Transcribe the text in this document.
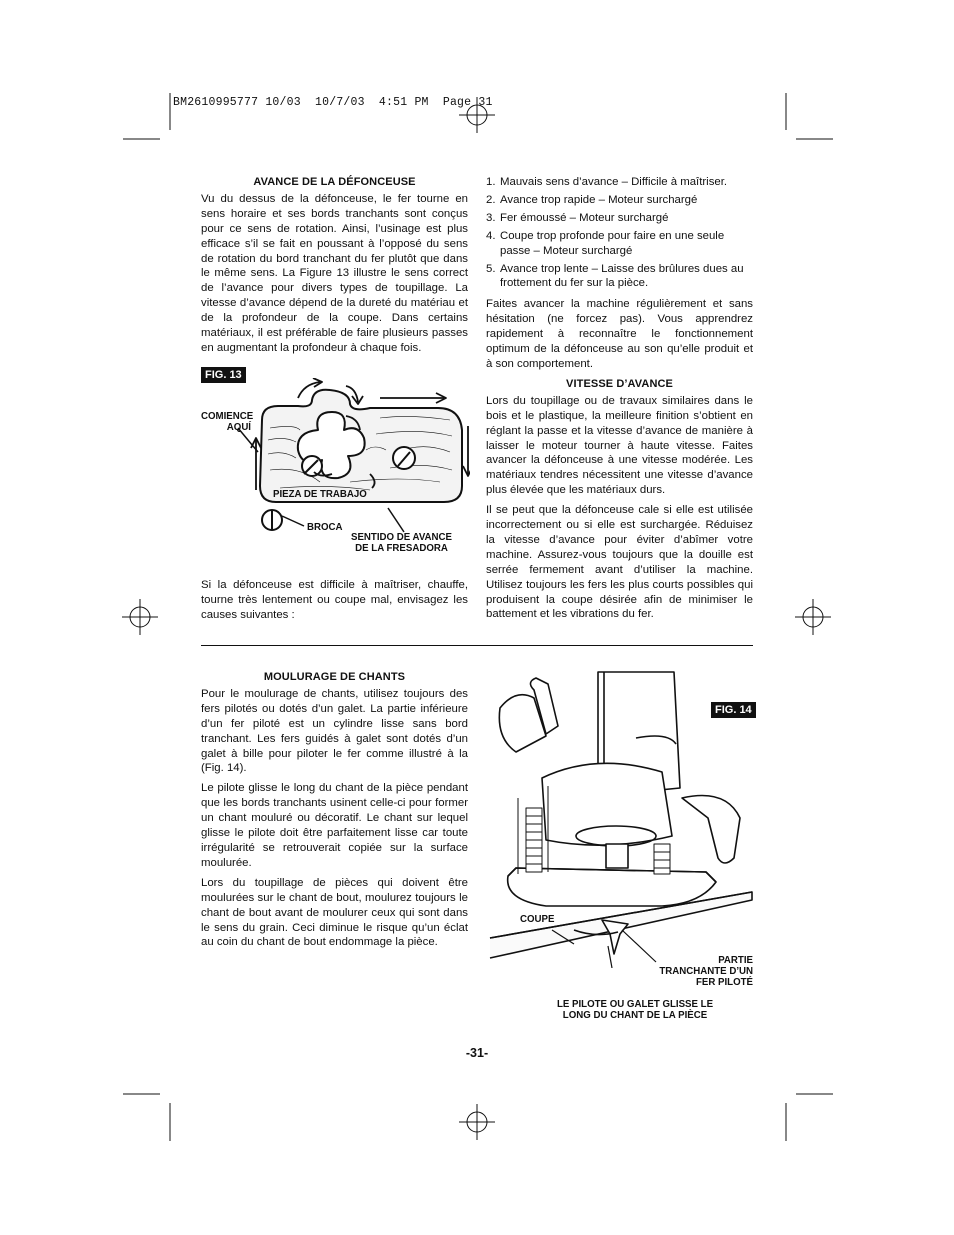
BM2610995777 10/03  10/7/03  4:51 PM  Page 31
AVANCE DE LA DÉFONCEUSE

Vu du dessus de la défonceuse, le fer tourne en sens horaire et ses bords tranchants sont conçus pour ce sens de rotation. Ainsi, l’usinage est plus efficace s’il se fait en poussant à l’opposé du sens de rotation du bord tranchant du fer plutôt que dans le même sens. La Figure 13 illustre le sens correct de l’avance pour divers types de toupillage. La vitesse d’avance dépend de la dureté du matériau et de la profondeur de la coupe. Dans certains matériaux, il est préférable de faire plusieurs passes en augmentant la profondeur à chaque fois.

FIG. 13
COMIENCE
AQUÍ
PIEZA DE TRABAJO
BROCA
SENTIDO DE AVANCE
DE LA FRESADORA

Si la défonceuse est difficile à maîtriser, chauffe, tourne très lentement ou coupe mal, envisagez les causes suivantes :

1. Mauvais sens d’avance – Difficile à maîtriser.
2. Avance trop rapide – Moteur surchargé
3. Fer émoussé – Moteur surchargé
4. Coupe trop profonde pour faire en une seule passe – Moteur surchargé
5. Avance trop lente – Laisse des brûlures dues au frottement du fer sur la pièce.

Faites avancer la machine régulièrement et sans hésitation (ne forcez pas). Vous apprendrez rapidement à reconnaître le fonctionnement optimum de la défonceuse au son qu’elle produit et à son comportement.

VITESSE D’AVANCE

Lors du toupillage ou de travaux similaires dans le bois et le plastique, la meilleure finition s’obtient en réglant la passe et la vitesse d’avance de manière à laisser le moteur tourner à haute vitesse. Faites avancer la défonceuse à une vitesse modérée. Les matériaux tendres nécessitent une vitesse d’avance plus élevée que les matériaux durs.

Il se peut que la défonceuse cale si elle est utilisée incorrectement ou si elle est surchargée. Réduisez la vitesse d’avance pour éviter d’abîmer votre machine. Assurez-vous toujours que la douille est serrée fermement avant d’utiliser la machine. Utilisez toujours les fers les plus courts possibles qui produisent la coupe désirée afin de minimiser le battement et les vibrations du fer.

MOULURAGE DE CHANTS

Pour le moulurage de chants, utilisez toujours des fers pilotés ou dotés d’un galet. La partie inférieure d’un fer piloté est un cylindre lisse sans bord tranchant. Les fers guidés à galet sont dotés d’un galet à bille pour piloter le fer comme illustré à la (Fig. 14).

Le pilote glisse le long du chant de la pièce pendant que les bords tranchants usinent celle-ci pour former un chant mouluré ou décoratif. Le chant sur lequel glisse le pilote doit être parfaitement lisse car toute irrégularité se retrouverait copiée sur la surface moulurée.

Lors du toupillage de pièces qui doivent être moulurées sur le chant de bout, moulurez toujours le chant de bout avant de moulurer ceux qui sont dans le sens du grain. Ceci diminue le risque qu’un éclat au coin du chant de bout endommage la pièce.

FIG. 14
COUPE
PARTIE
TRANCHANTE D’UN
FER PILOTÉ
LE PILOTE OU GALET GLISSE LE
LONG DU CHANT DE LA PIÈCE
-31-
